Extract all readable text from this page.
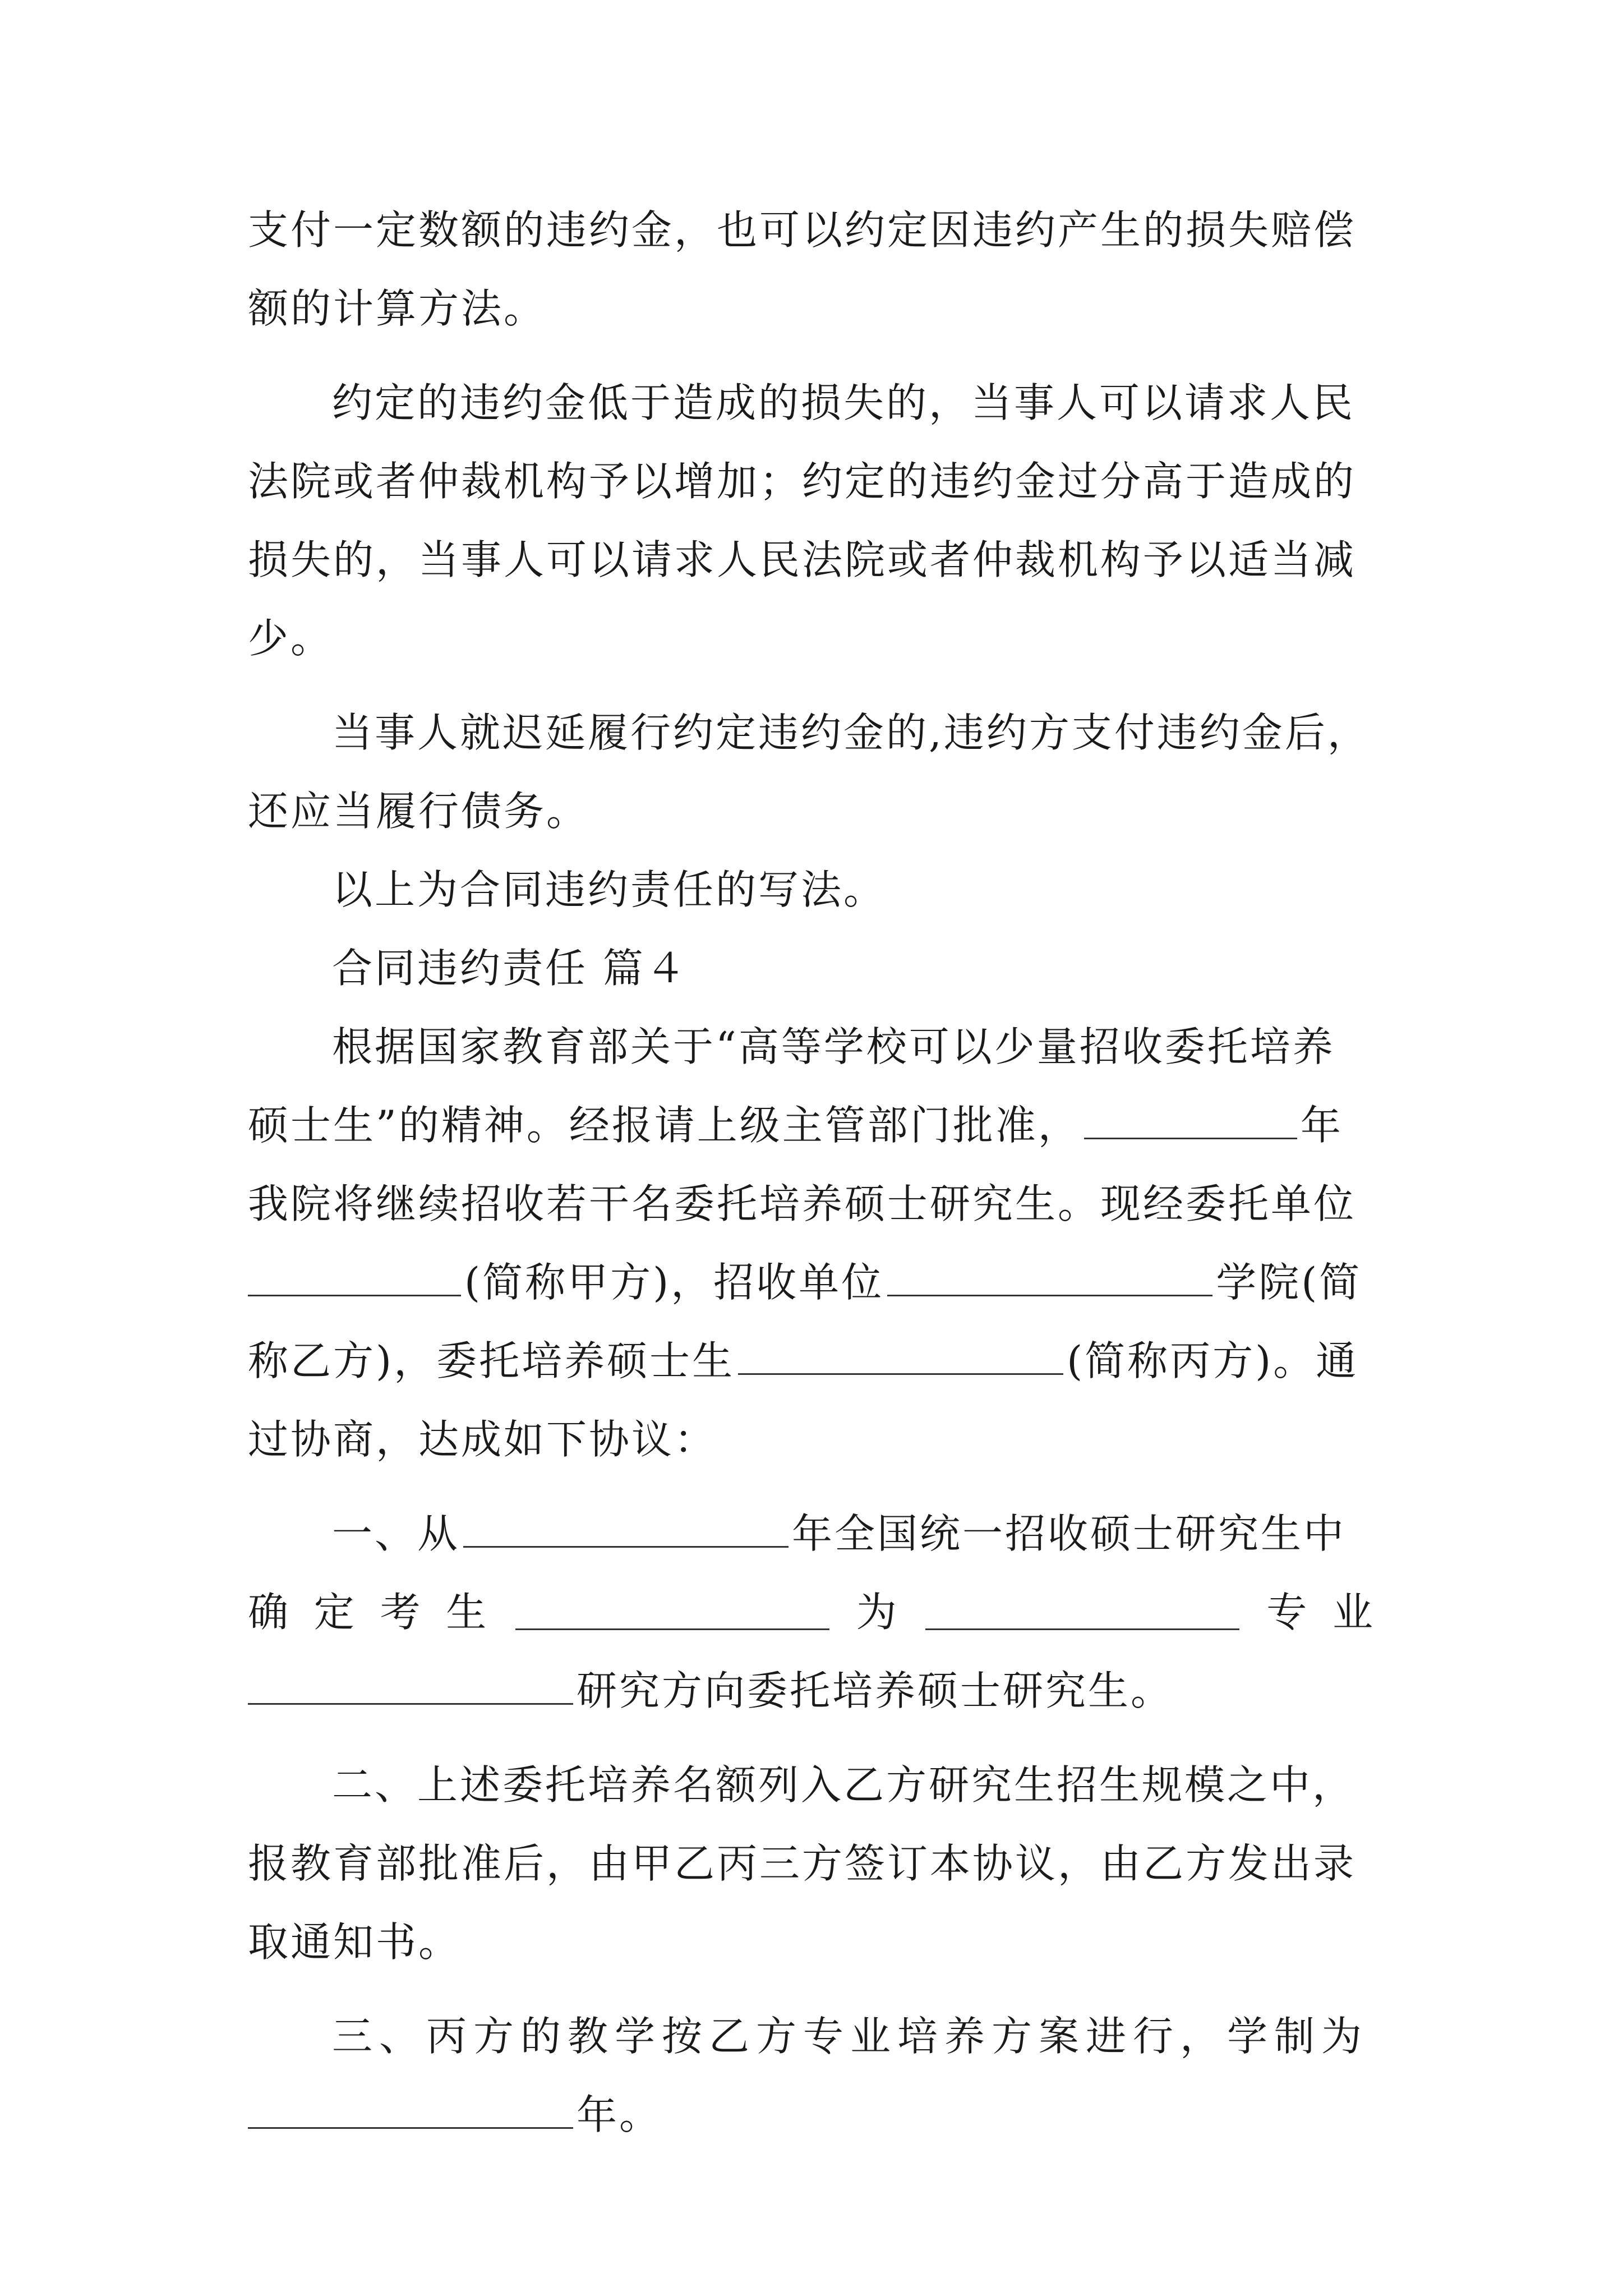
支付一定数额的违约金，也可以约定因违约产生的损失赔偿
额的计算方法。
约定的违约金低于造成的损失的，当事人可以请求人民
法院或者仲裁机构予以增加；约定的违约金过分高于造成的
损失的，当事人可以请求人民法院或者仲裁机构予以适当减
少。
当事人就迟延履行约定违约金的,违约方支付违约金后，
还应当履行债务。
以上为合同违约责任的写法。
合同违约责任 篇４
根据国家教育部关于“高等学校可以少量招收委托培养
硕士生”的精神。经报请上级主管部门批准，	年
我院将继续招收若干名委托培养硕士研究生。现经委托单位
(简称甲方)，招收单位	学院(简
称乙方)，委托培养硕士生	(简称丙方)。通
过协商，达成如下协议：
一、从	年全国统一招收硕士研究生中
确 定 考 生	为	专 业
研究方向委托培养硕士研究生。
二、上述委托培养名额列入乙方研究生招生规模之中，
报教育部批准后，由甲乙丙三方签订本协议，由乙方发出录
取通知书。
三、丙方的教学按乙方专业培养方案进行，学制为
年。
